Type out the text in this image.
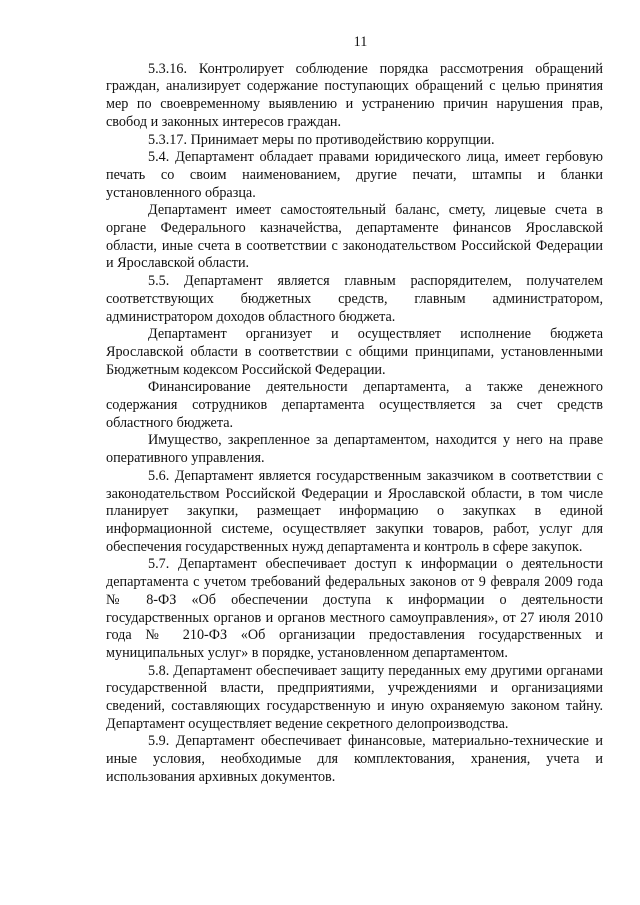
11

5.3.16. Контролирует соблюдение порядка рассмотрения обращений граждан, анализирует содержание поступающих обращений с целью принятия мер по своевременному выявлению и устранению причин нарушения прав, свобод и законных интересов граждан.

5.3.17. Принимает меры по противодействию коррупции.

5.4. Департамент обладает правами юридического лица, имеет гербовую печать со своим наименованием, другие печати, штампы и бланки установленного образца.

Департамент имеет самостоятельный баланс, смету, лицевые счета в органе Федерального казначейства, департаменте финансов Ярославской области, иные счета в соответствии с законодательством Российской Федерации и Ярославской области.

5.5. Департамент является главным распорядителем, получателем соответствующих бюджетных средств, главным администратором, администратором доходов областного бюджета.

Департамент организует и осуществляет исполнение бюджета Ярославской области в соответствии с общими принципами, установленными Бюджетным кодексом Российской Федерации.

Финансирование деятельности департамента, а также денежного содержания сотрудников департамента осуществляется за счет средств областного бюджета.

Имущество, закрепленное за департаментом, находится у него на праве оперативного управления.

5.6. Департамент является государственным заказчиком в соответствии с законодательством Российской Федерации и Ярославской области, в том числе планирует закупки, размещает информацию о закупках в единой информационной системе, осуществляет закупки товаров, работ, услуг для обеспечения государственных нужд департамента и контроль в сфере закупок.

5.7. Департамент обеспечивает доступ к информации о деятельности департамента с учетом требований федеральных законов от 9 февраля 2009 года № 8-ФЗ «Об обеспечении доступа к информации о деятельности государственных органов и органов местного самоуправления», от 27 июля 2010 года № 210-ФЗ «Об организации предоставления государственных и муниципальных услуг» в порядке, установленном департаментом.

5.8. Департамент обеспечивает защиту переданных ему другими органами государственной власти, предприятиями, учреждениями и организациями сведений, составляющих государственную и иную охраняемую законом тайну. Департамент осуществляет ведение секретного делопроизводства.

5.9. Департамент обеспечивает финансовые, материально-технические и иные условия, необходимые для комплектования, хранения, учета и использования архивных документов.
